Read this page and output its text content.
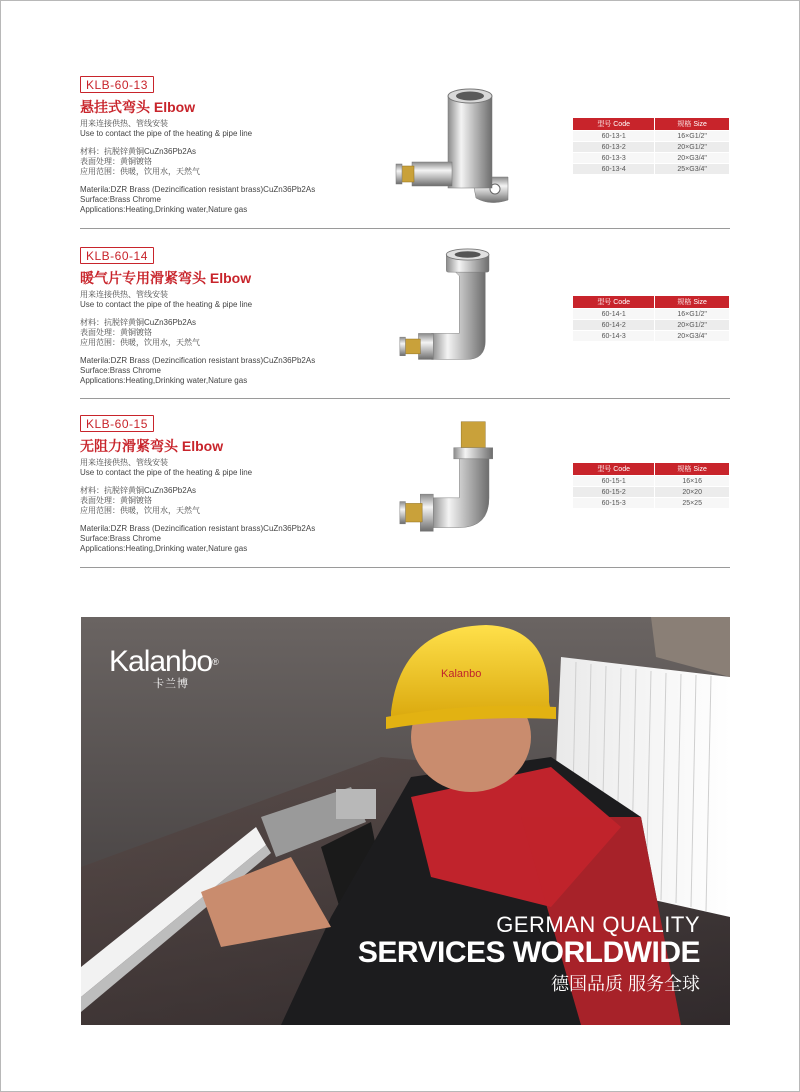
KLB-60-13
悬挂式弯头 Elbow

用来连接供热、管线安装

Use to contact the pipe of the heating & pipe line

材料：抗脱锌黄铜CuZn36Pb2As

表面处理：黄铜镀铬

应用范围：供暖，饮用水，天然气

Materila:DZR Brass (Dezincification resistant brass)CuZn36Pb2As

Surface:Brass Chrome

Applications:Heating,Drinking water,Nature gas

型号 Code	规格 Size
60-13-1	16×G1/2"
60-13-2	20×G1/2"
60-13-3	20×G3/4"
60-13-4	25×G3/4"
KLB-60-14
暖气片专用滑紧弯头 Elbow

用来连接供热、管线安装

Use to contact the pipe of the heating & pipe line

材料：抗脱锌黄铜CuZn36Pb2As

表面处理：黄铜镀铬

应用范围：供暖，饮用水，天然气

Materila:DZR Brass (Dezincification resistant brass)CuZn36Pb2As

Surface:Brass Chrome

Applications:Heating,Drinking water,Nature gas

型号 Code	规格 Size
60-14-1	16×G1/2"
60-14-2	20×G1/2"
60-14-3	20×G3/4"
KLB-60-15
无阻力滑紧弯头 Elbow

用来连接供热、管线安装

Use to contact the pipe of the heating & pipe line

材料：抗脱锌黄铜CuZn36Pb2As

表面处理：黄铜镀铬

应用范围：供暖，饮用水，天然气

Materila:DZR Brass (Dezincification resistant brass)CuZn36Pb2As

Surface:Brass Chrome

Applications:Heating,Drinking water,Nature gas

型号 Code	规格 Size
60-15-1	16×16
60-15-2	20×20
60-15-3	25×25
Kalanbo
Kalanbo®
卡兰博
GERMAN QUALITY
SERVICES WORLDWIDE
德国品质 服务全球
